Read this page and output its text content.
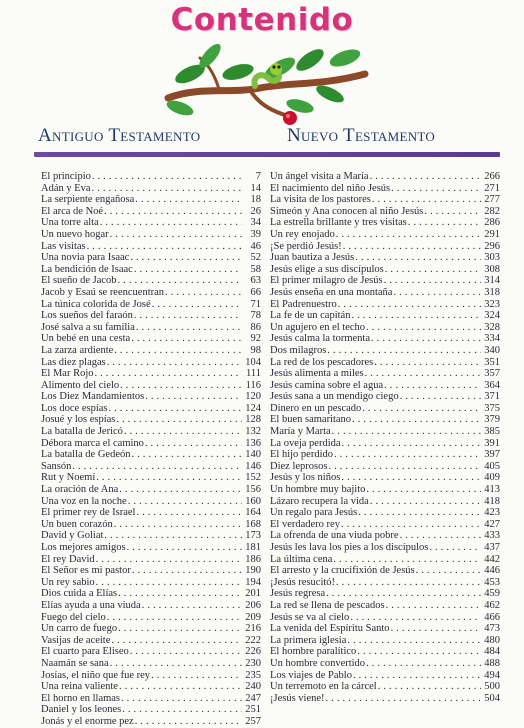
Contenido
Antiguo Testamento	Nuevo Testamento
El principio . . .	7
Adán y Eva . . .	14
La serpiente engañosa . . .	18
El arca de Noé . . .	26
Una torre alta . . .	34
Un nuevo hogar . . .	39
Las visitas . . .	46
Una novia para Isaac . . .	52
La bendición de Isaac . . .	58
El sueño de Jacob . . .	63
Jacob y Esaú se reencuentran . . .	66
La túnica colorida de José . . .	71
Los sueños del faraón . . .	78
José salva a su familia . . .	86
Un bebé en una cesta . . .	92
La zarza ardiente . . .	98
Las diez plagas . . .	104
El Mar Rojo . . .	111
Alimento del cielo . . .	116
Los Diez Mandamientos . . .	120
Los doce espías . . .	124
Josué y los espías . . .	128
La batalla de Jericó . . .	132
Débora marca el camino . . .	136
La batalla de Gedeón . . .	140
Sansón . . .	146
Rut y Noemí . . .	152
La oración de Ana . . .	156
Una voz en la noche . . .	160
El primer rey de Israel . . .	164
Un buen corazón . . .	168
David y Goliat . . .	173
Los mejores amigos . . .	181
El rey David . . .	186
El Señor es mi pastor . . .	190
Un rey sabio . . .	194
Dios cuida a Elías . . .	201
Elías ayuda a una viuda . . .	206
Fuego del cielo . . .	209
Un carro de fuego . . .	216
Vasijas de aceite . . .	222
El cuarto para Eliseo . . .	226
Naamán se sana . . .	230
Josías, el niño que fue rey . . .	235
Una reina valiente . . .	240
El horno en llamas . . .	247
Daniel y los leones . . .	251
Jonás y el enorme pez . . .	257
Un ángel visita a María . . .	266
El nacimiento del niño Jesús . . .	271
La visita de los pastores . . .	277
Simeón y Ana conocen al niño Jesús . . .	282
La estrella brillante y tres visitas . . .	286
Un rey enojado . . .	291
¡Se perdió Jesús! . . .	296
Juan bautiza a Jesús . . .	303
Jesús elige a sus discípulos . . .	308
El primer milagro de Jesús . . .	314
Jesús enseña en una montaña . . .	318
El Padrenuestro . . .	323
La fe de un capitán . . .	324
Un agujero en el techo . . .	328
Jesús calma la tormenta . . .	334
Dos milagros . . .	340
La red de los pescadores . . .	351
Jesús alimenta a miles . . .	357
Jesús camina sobre el agua . . .	364
Jesús sana a un mendigo ciego . . .	371
Dinero en un pescado . . .	375
El buen samaritano . . .	379
María y Marta . . .	385
La oveja perdida . . .	391
El hijo perdido . . .	397
Diez leprosos . . .	405
Jesús y los niños . . .	409
Un hombre muy bajito . . .	413
Lázaro recupera la vida . . .	418
Un regalo para Jesús . . .	423
El verdadero rey . . .	427
La ofrenda de una viuda pobre . . .	433
Jesús les lava los pies a los discípulos . . .	437
La última cena . . .	442
El arresto y la crucifixión de Jesús . . .	446
¡Jesús resucitó! . . .	453
Jesús regresa . . .	459
La red se llena de pescados . . .	462
Jesús se va al cielo . . .	466
La venida del Espíritu Santo . . .	473
La primera iglesia . . .	480
El hombre paralítico . . .	484
Un hombre convertido . . .	488
Los viajes de Pablo . . .	494
Un terremoto en la cárcel . . .	500
¡Jesús viene! . . .	504
